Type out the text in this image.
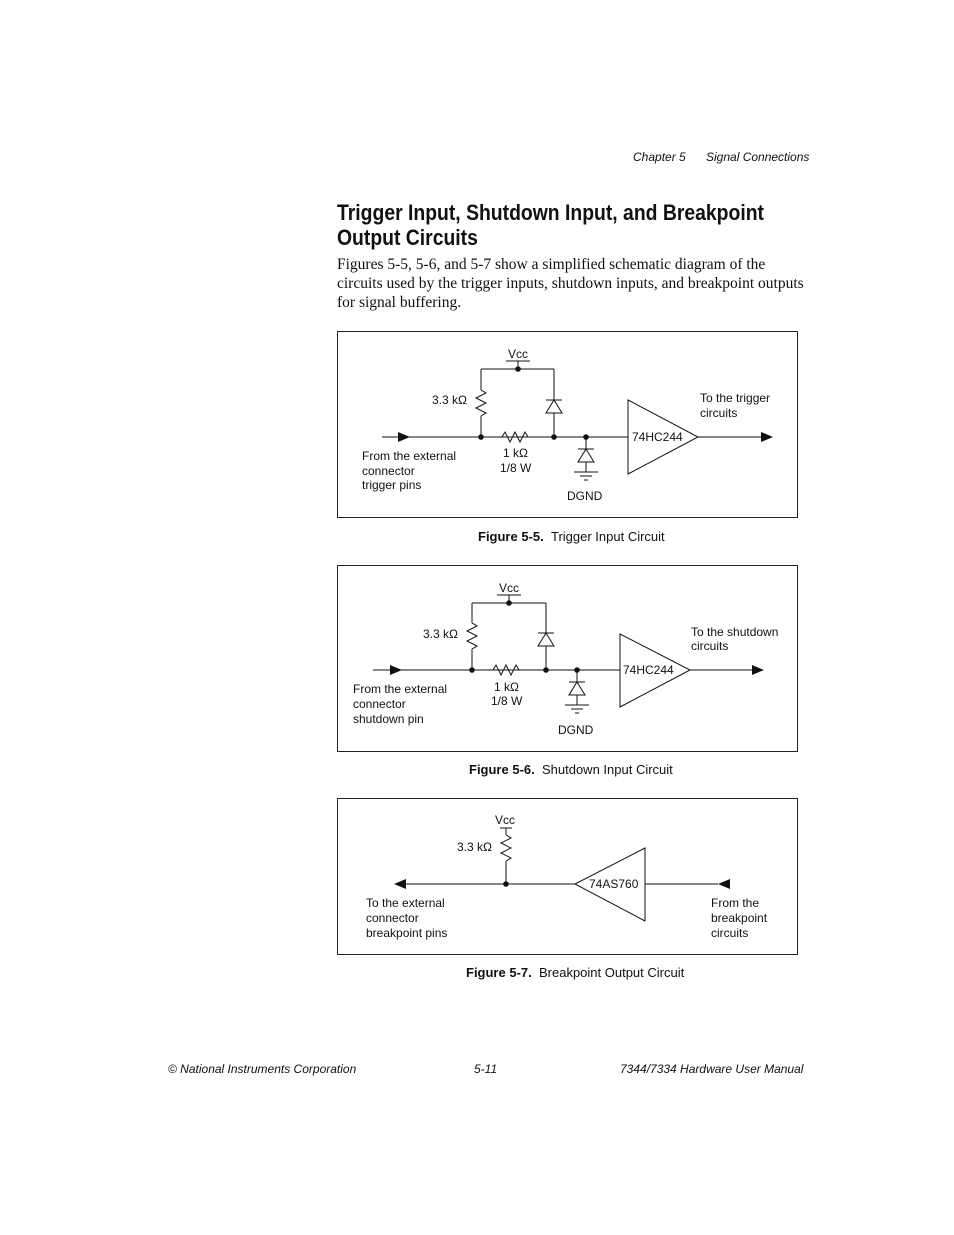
Chapter 5 Signal Connections
Trigger Input, Shutdown Input, and Breakpoint
Output Circuits
Figures 5-5, 5-6, and 5-7 show a simplified schematic diagram of the
circuits used by the trigger inputs, shutdown inputs, and breakpoint outputs
for signal buffering.
Vcc
3.3 kΩ
1 kΩ
1/8 W
From the external
connector
trigger pins
DGND
74HC244
To the trigger
circuits
Figure 5-5. Trigger Input Circuit
Vcc
3.3 kΩ
1 kΩ
1/8 W
From the external
connector
shutdown pin
DGND
74HC244
To the shutdown
circuits
Figure 5-6. Shutdown Input Circuit
Vcc
3.3 kΩ
To the external
connector
breakpoint pins
74AS760
From the
breakpoint
circuits
Figure 5-7. Breakpoint Output Circuit
© National Instruments Corporation	5-11	7344/7334 Hardware User Manual
